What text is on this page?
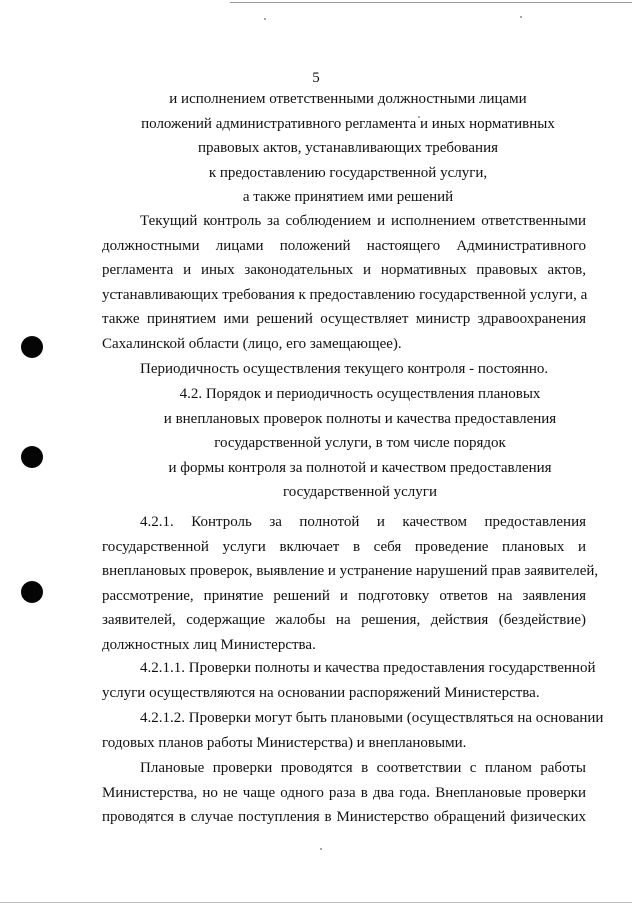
5
и исполнением ответственными должностными лицами
положений административного регламента и иных нормативных
правовых актов, устанавливающих требования
к предоставлению государственной услуги,
а также принятием ими решений
Текущий контроль за соблюдением и исполнением ответственными
должностными лицами положений настоящего Административного
регламента и иных законодательных и нормативных правовых актов,
устанавливающих требования к предоставлению государственной услуги, а
также принятием ими решений осуществляет министр здравоохранения
Сахалинской области (лицо, его замещающее).
Периодичность осуществления текущего контроля - постоянно.
4.2. Порядок и периодичность осуществления плановых
и внеплановых проверок полноты и качества предоставления
государственной услуги, в том числе порядок
и формы контроля за полнотой и качеством предоставления
государственной услуги
4.2.1. Контроль за полнотой и качеством предоставления
государственной услуги включает в себя проведение плановых и
внеплановых проверок, выявление и устранение нарушений прав заявителей,
рассмотрение, принятие решений и подготовку ответов на заявления
заявителей, содержащие жалобы на решения, действия (бездействие)
должностных лиц Министерства.
4.2.1.1. Проверки полноты и качества предоставления государственной
услуги осуществляются на основании распоряжений Министерства.
4.2.1.2. Проверки могут быть плановыми (осуществляться на основании
годовых планов работы Министерства) и внеплановыми.
Плановые проверки проводятся в соответствии с планом работы
Министерства, но не чаще одного раза в два года. Внеплановые проверки
проводятся в случае поступления в Министерство обращений физических
